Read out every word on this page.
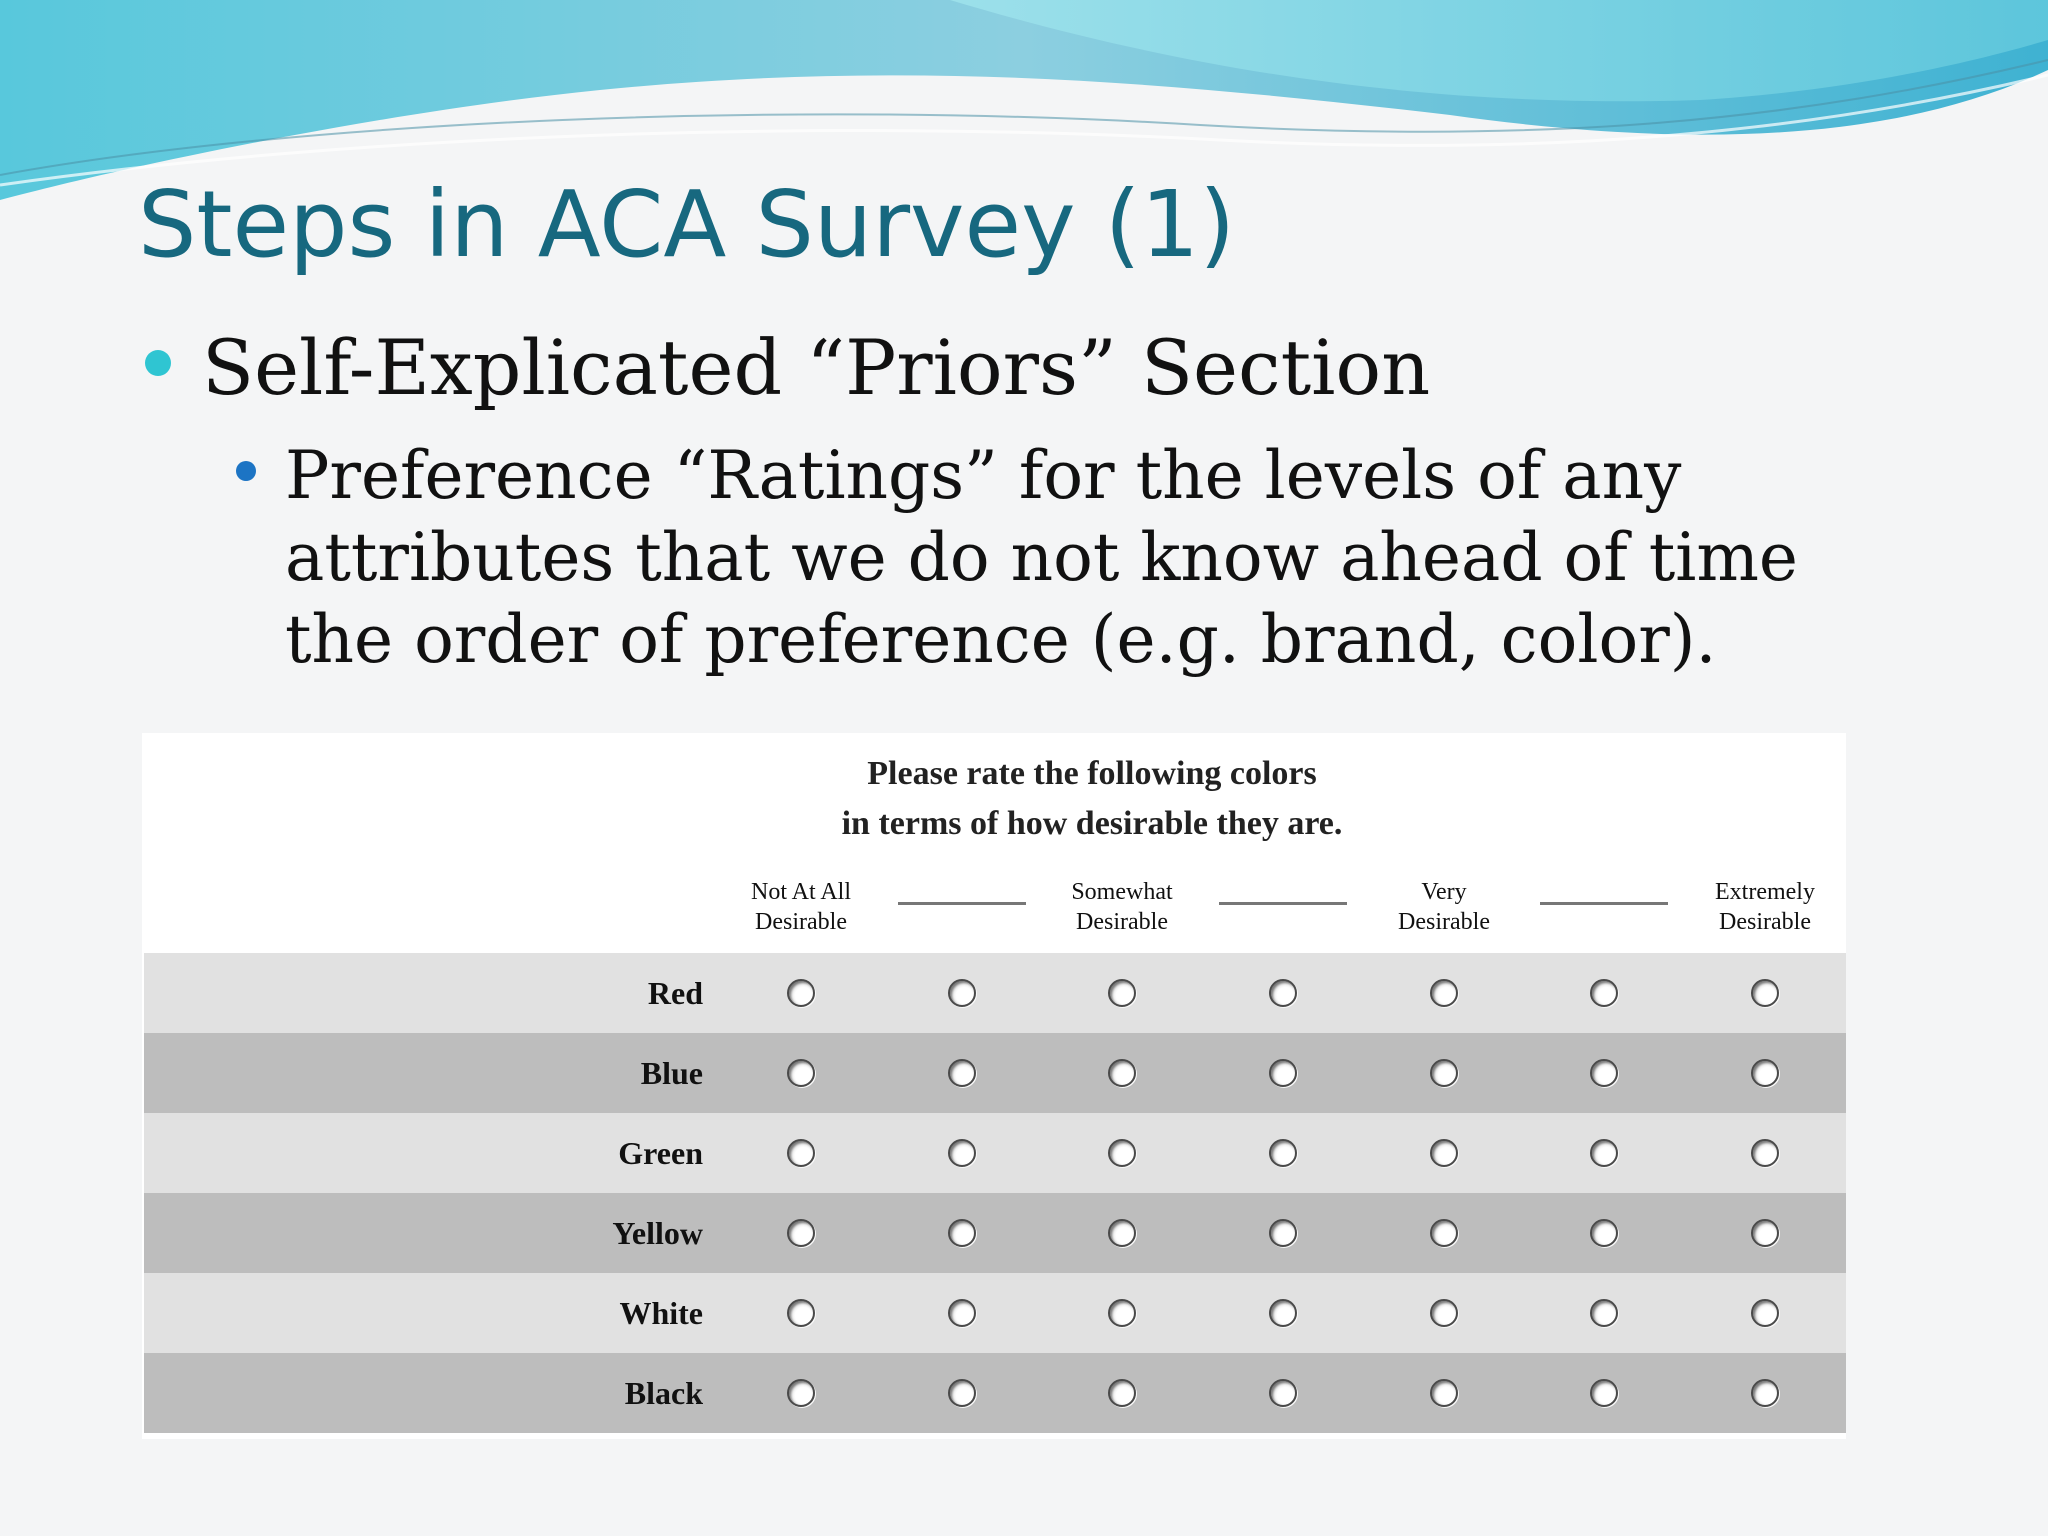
Steps in ACA Survey (1)
Self-Explicated “Priors” Section
Preference “Ratings” for the levels of any attributes that we do not know ahead of time the order of preference (e.g. brand, color).
Please rate the following colors
in terms of how desirable they are.
Not At All
Desirable
Somewhat
Desirable
Very
Desirable
Extremely
Desirable
Red
Blue
Green
Yellow
White
Black
